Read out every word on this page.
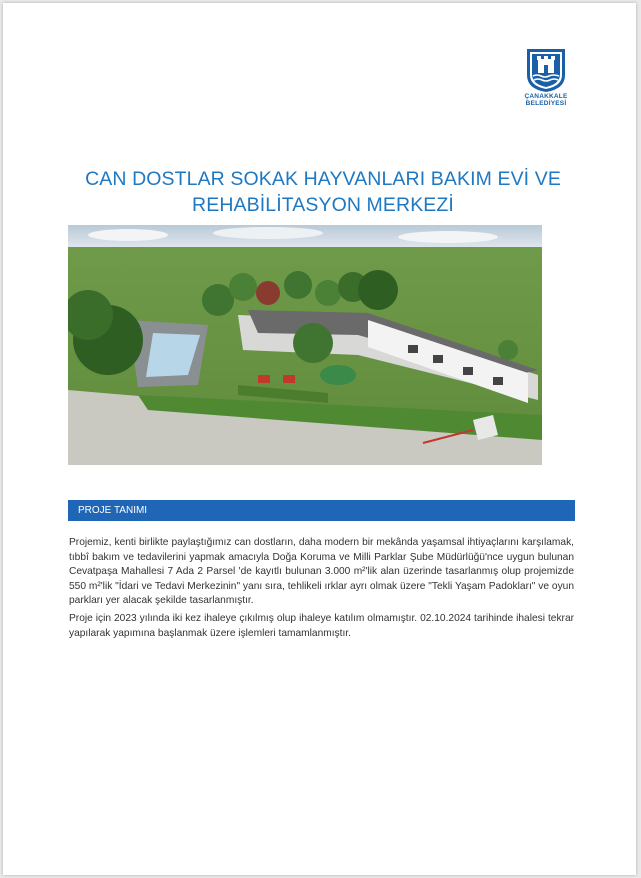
ÇANAKKALE
BELEDİYESİ
CAN DOSTLAR SOKAK HAYVANLARI BAKIM EVİ VE
REHABİLİTASYON MERKEZİ
PROJE TANIMI

Projemiz, kenti birlikte paylaştığımız can dostların, daha modern bir mekânda yaşamsal ihtiyaçlarını karşılamak, tıbbî bakım ve tedavilerini yapmak amacıyla Doğa Koruma ve Milli Parklar Şube Müdürlüğü'nce uygun bulunan Cevatpaşa Mahallesi 7 Ada 2 Parsel 'de kayıtlı bulunan 3.000 m²'lik alan üzerinde tasarlanmış olup projemizde 550 m²'lik "İdari ve Tedavi Merkezinin" yanı sıra, tehlikeli ırklar ayrı olmak üzere "Tekli Yaşam Padokları" ve oyun parkları yer alacak şekilde tasarlanmıştır.

Proje için 2023 yılında iki kez ihaleye çıkılmış olup ihaleye katılım olmamıştır. 02.10.2024 tarihinde ihalesi tekrar yapılarak yapımına başlanmak üzere işlemleri tamamlanmıştır.
